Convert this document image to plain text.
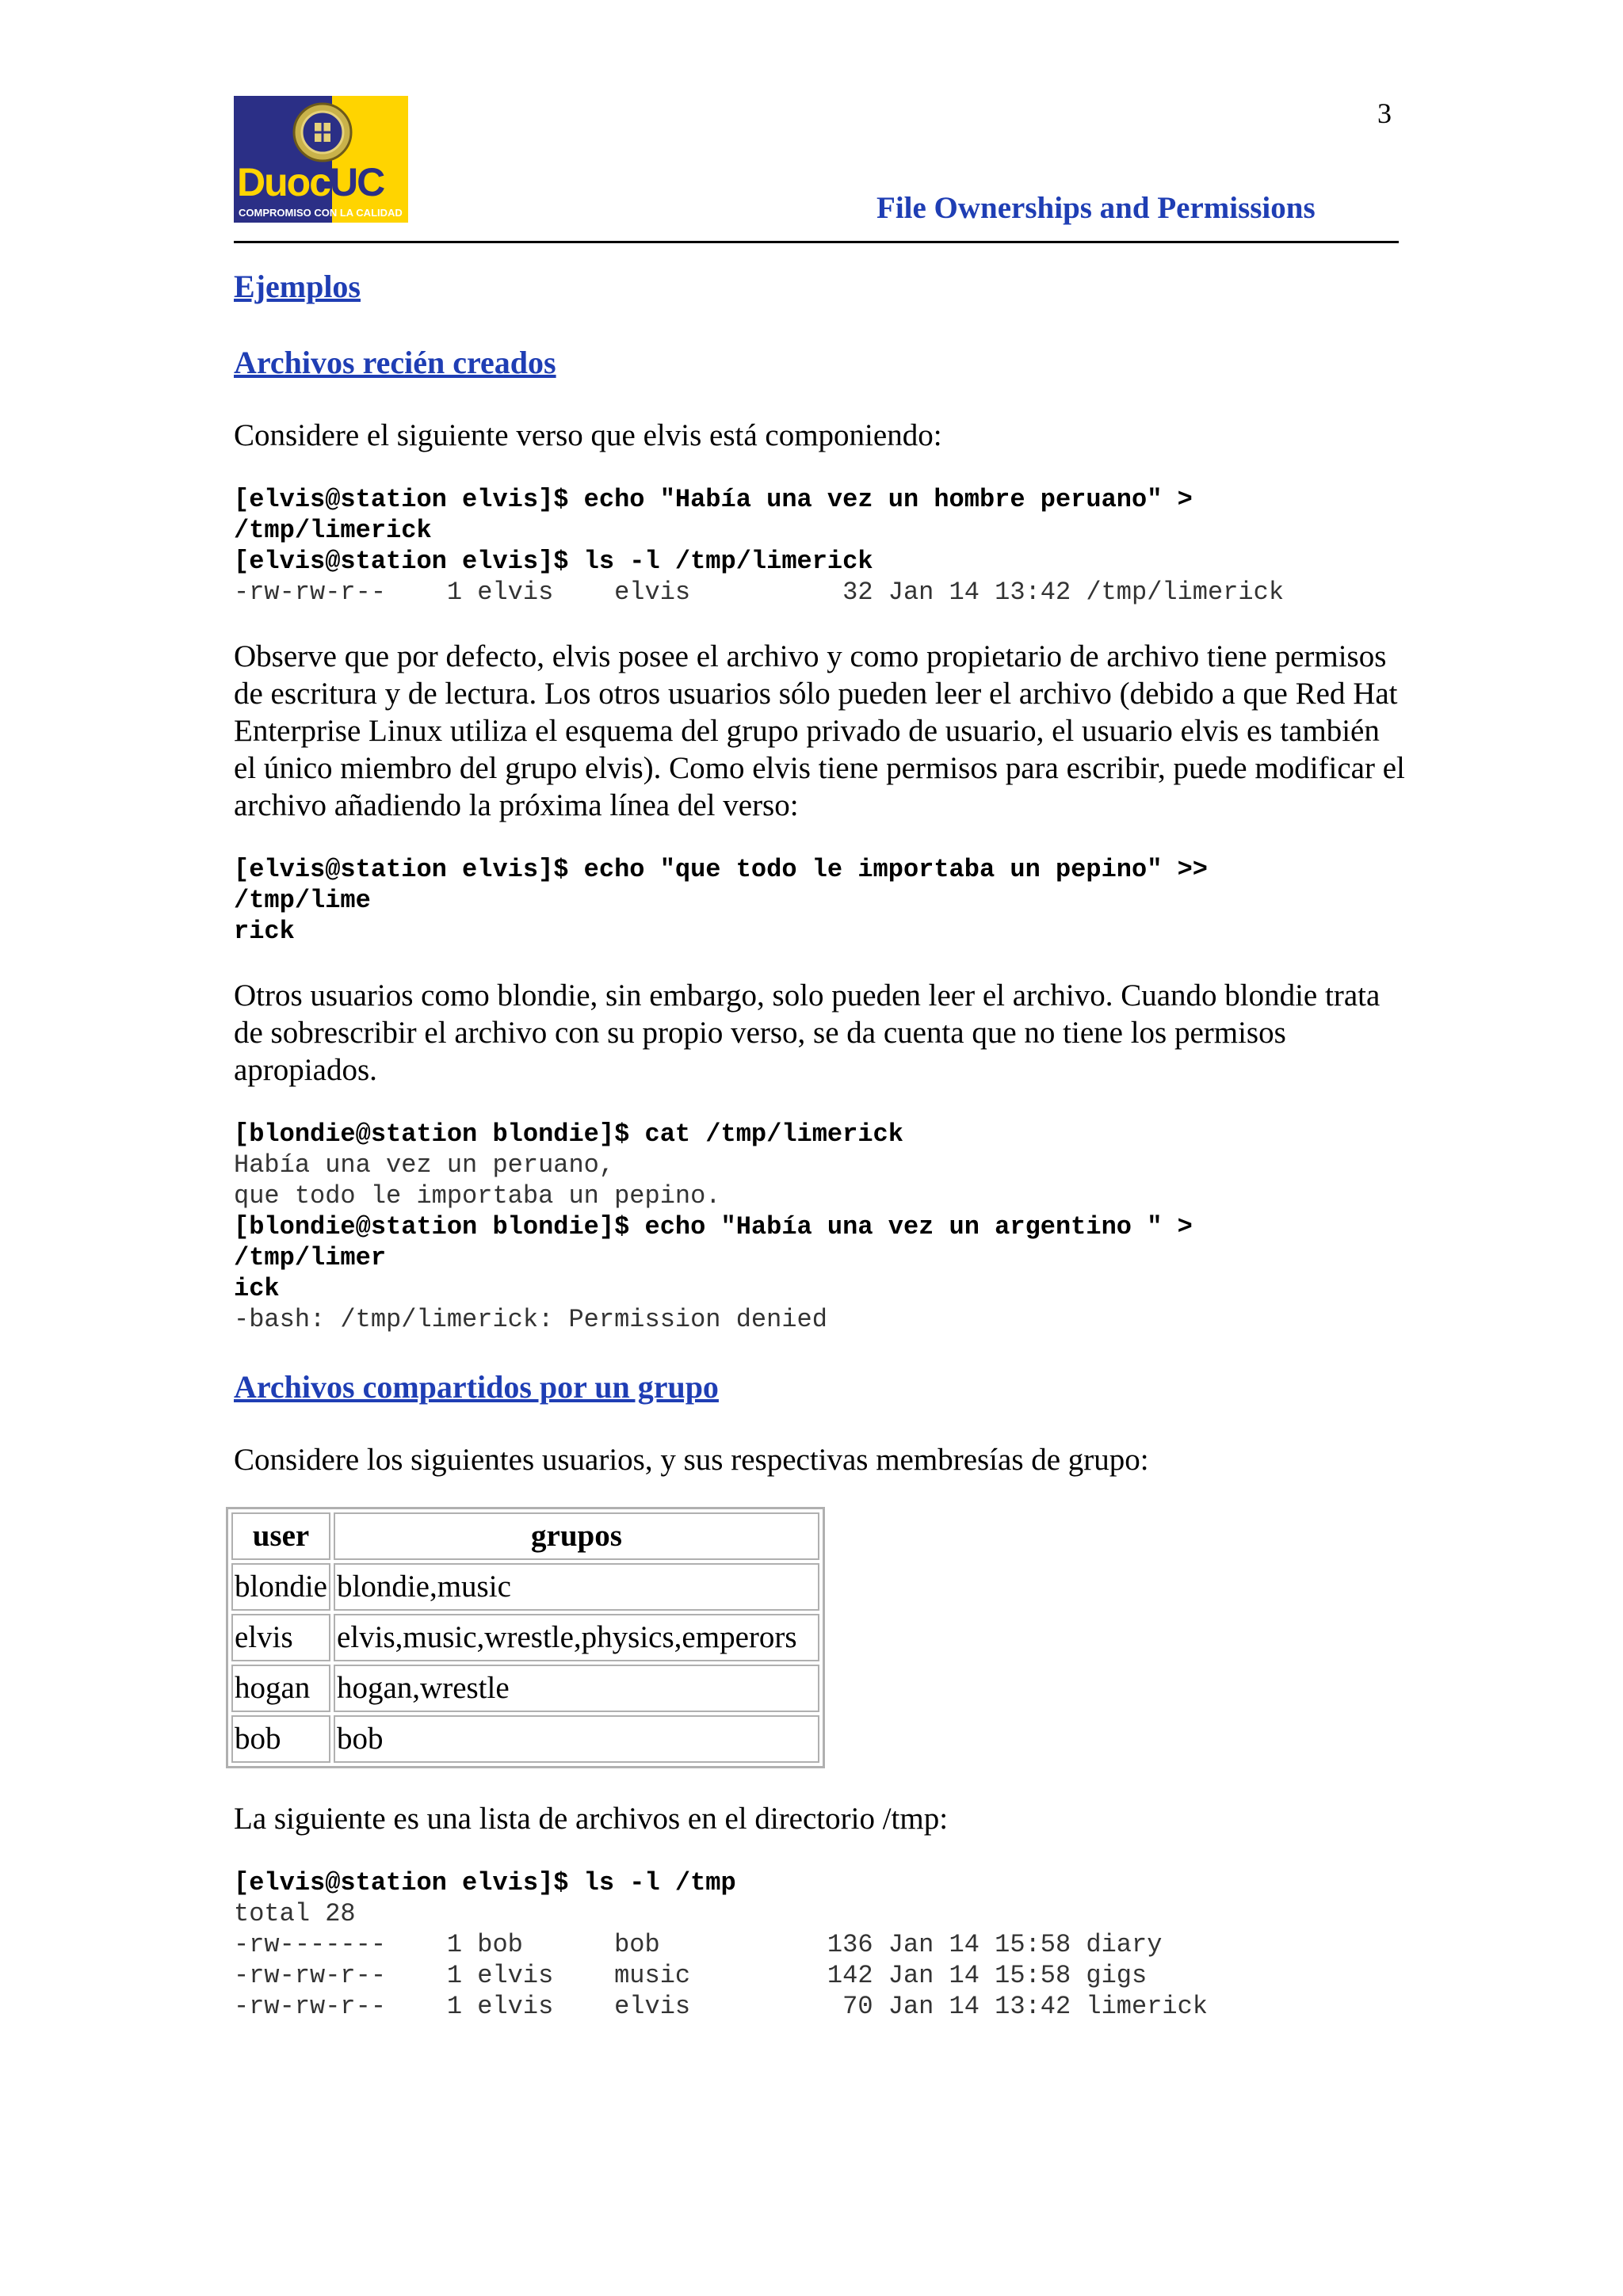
3
DuocUC
COMPROMISO CON LA CALIDAD	File Ownerships and Permissions
Ejemplos
Archivos recién creados

Considere el siguiente verso que elvis está componiendo:

[elvis@station elvis]$ echo "Había una vez un hombre peruano" >
/tmp/limerick
[elvis@station elvis]$ ls -l /tmp/limerick
-rw-rw-r--    1 elvis    elvis          32 Jan 14 13:42 /tmp/limerick

Observe que por defecto, elvis posee el archivo y como propietario de archivo tiene permisos de escritura y de lectura. Los otros usuarios sólo pueden leer el archivo (debido a que Red Hat Enterprise Linux utiliza el esquema del grupo privado de usuario, el usuario elvis es también el único miembro del grupo elvis). Como elvis tiene permisos para escribir, puede modificar el archivo añadiendo la próxima línea del verso:

[elvis@station elvis]$ echo "que todo le importaba un pepino" >>
/tmp/lime
rick

Otros usuarios como blondie, sin embargo, solo pueden leer el archivo. Cuando blondie trata de sobrescribir el archivo con su propio verso, se da cuenta que no tiene los permisos apropiados.

[blondie@station blondie]$ cat /tmp/limerick
Había una vez un peruano,
que todo le importaba un pepino.
[blondie@station blondie]$ echo "Había una vez un argentino " >
/tmp/limer
ick
-bash: /tmp/limerick: Permission denied
Archivos compartidos por un grupo

Considere los siguientes usuarios, y sus respectivas membresías de grupo:

user	grupos
blondie	blondie,music
elvis	elvis,music,wrestle,physics,emperors
hogan	hogan,wrestle
bob	bob

La siguiente es una lista de archivos en el directorio /tmp:

[elvis@station elvis]$ ls -l /tmp
total 28
-rw-------    1 bob      bob           136 Jan 14 15:58 diary
-rw-rw-r--    1 elvis    music         142 Jan 14 15:58 gigs
-rw-rw-r--    1 elvis    elvis          70 Jan 14 13:42 limerick
